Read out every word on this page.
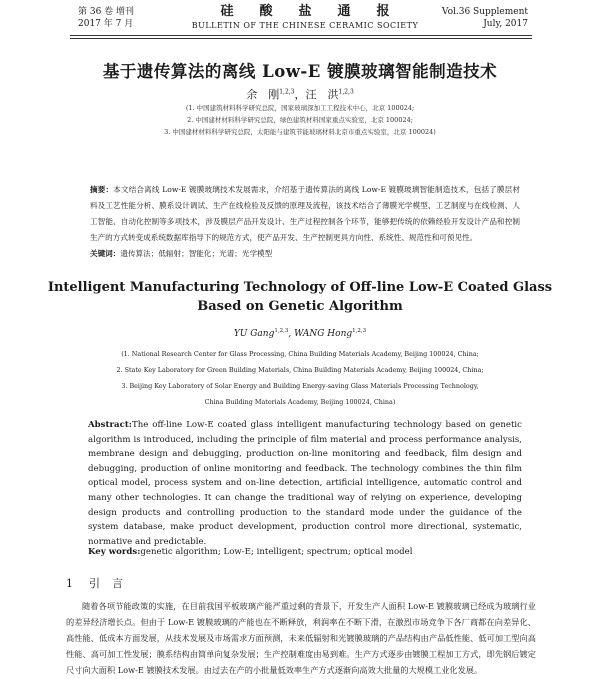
第 36 卷 增刊
2017 年 7 月
硅酸盐通报
BULLETIN OF THE CHINESE CERAMIC SOCIETY
Vol.36 Supplement
July, 2017
基于遗传算法的离线 Low-E 镀膜玻璃智能制造技术
余　刚$^{1,2,3}$，汪　洪$^{1,2,3}$
(1. 中国建筑材料科学研究总院，国家玻璃深加工工程技术中心，北京 100024;
2. 中国建材材料科学研究总院，绿色建筑材料国家重点实验室，北京 100024;
3. 中国建材材料科学研究总院，太阳能与建筑节能玻璃材料北京市重点实验室，北京 100024)
摘要：本文结合离线 Low-E 镀膜玻璃技术发展需求，介绍基于遗传算法的离线 Low-E 镀膜玻璃智能制造技术，包括了膜层材料及工艺性能分析、膜系设计调试、生产在线检验及反馈的原理及流程，该技术结合了薄膜光学模型、工艺制度与在线检测、人工智能、自动化控制等多项技术，涉及膜层产品开发设计、生产过程控制各个环节，能够把传统的依赖经验开发设计产品和控制生产的方式转变成系统数据库指导下的规范方式，使产品开发、生产控制更具方向性、系统性、规范性和可预见性。
关键词：遗传算法；低辐射；智能化；光谱；光学模型
Intelligent Manufacturing Technology of Off-line Low-E Coated Glass
Based on Genetic Algorithm
YU Gang$^{1,2,3}$, WANG Hong$^{1,2,3}$
(1. National Research Center for Glass Processing, China Building Materials Academy, Beijing 100024, China;
2. State Key Laboratory for Green Building Materials, China Building Materials Academy, Beijing 100024, China;
3. Beijing Key Laboratory of Solar Energy and Building Energy-saving Glass Materials Processing Technology,
China Building Materials Academy, Beijing 100024, China)
Abstract:The off-line Low-E coated glass intelligent manufacturing technology based on genetic algorithm is introduced, including the principle of film material and process performance analysis, membrane design and debugging, production on-line monitoring and feedback, film design and debugging, production of online monitoring and feedback. The technology combines the thin film optical model, process system and on-line detection, artificial intelligence, automatic control and many other technologies. It can change the traditional way of relying on experience, developing design products and controlling production to the standard mode under the guidance of the system database, make product development, production control more directional, systematic, normative and predictable.
Key words:genetic algorithm; Low-E; intelligent; spectrum; optical model
1 引言
随着各项节能政策的实施，在目前我国平板玻璃产能严重过剩的背景下，开发生产人面积 Low-E 镀膜玻璃已经成为玻璃行业的差异经济增长点。但由于 Low-E 镀膜玻璃的产能也在不断释放，利润率在不断下滑，在激烈市场竞争下各厂商都在向差异化、高性能、低成本方面发展，从技术发展及市场需求方面预测，未来低辐射和光镀膜玻璃的产品结构由产品低性能、低可加工型向高性能、高可加工性发展；膜系结构由简单向复杂发展；生产控制难度由易到难。生产方式逐步由镀膜工程加工方式，即先钢后镀定尺寸向大面积 Low-E 镀膜技术发展。由过去在产的小批量低效率生产方式逐渐向高效大批量的大规模工业化发展。
